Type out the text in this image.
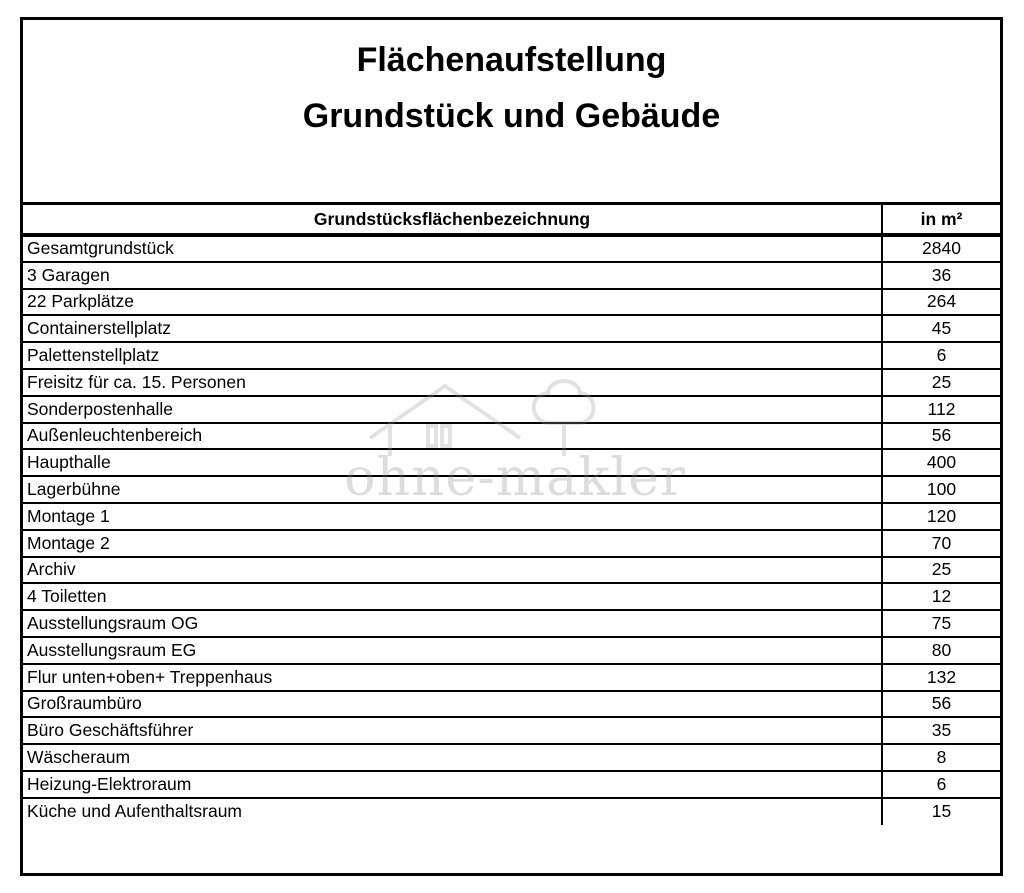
Flächenaufstellung
Grundstück und Gebäude
Grundstücksflächenbezeichnung	in m²
Gesamtgrundstück	2840
3 Garagen	36
22 Parkplätze	264
Containerstellplatz	45
Palettenstellplatz	6
Freisitz für ca. 15. Personen	25
Sonderpostenhalle	112
Außenleuchtenbereich	56
Haupthalle	400
Lagerbühne	100
Montage 1	120
Montage 2	70
Archiv	25
4 Toiletten	12
Ausstellungsraum OG	75
Ausstellungsraum EG	80
Flur unten+oben+ Treppenhaus	132
Großraumbüro	56
Büro Geschäftsführer	35
Wäscheraum	8
Heizung-Elektroraum	6
Küche und Aufenthaltsraum	15
ohne-makler
